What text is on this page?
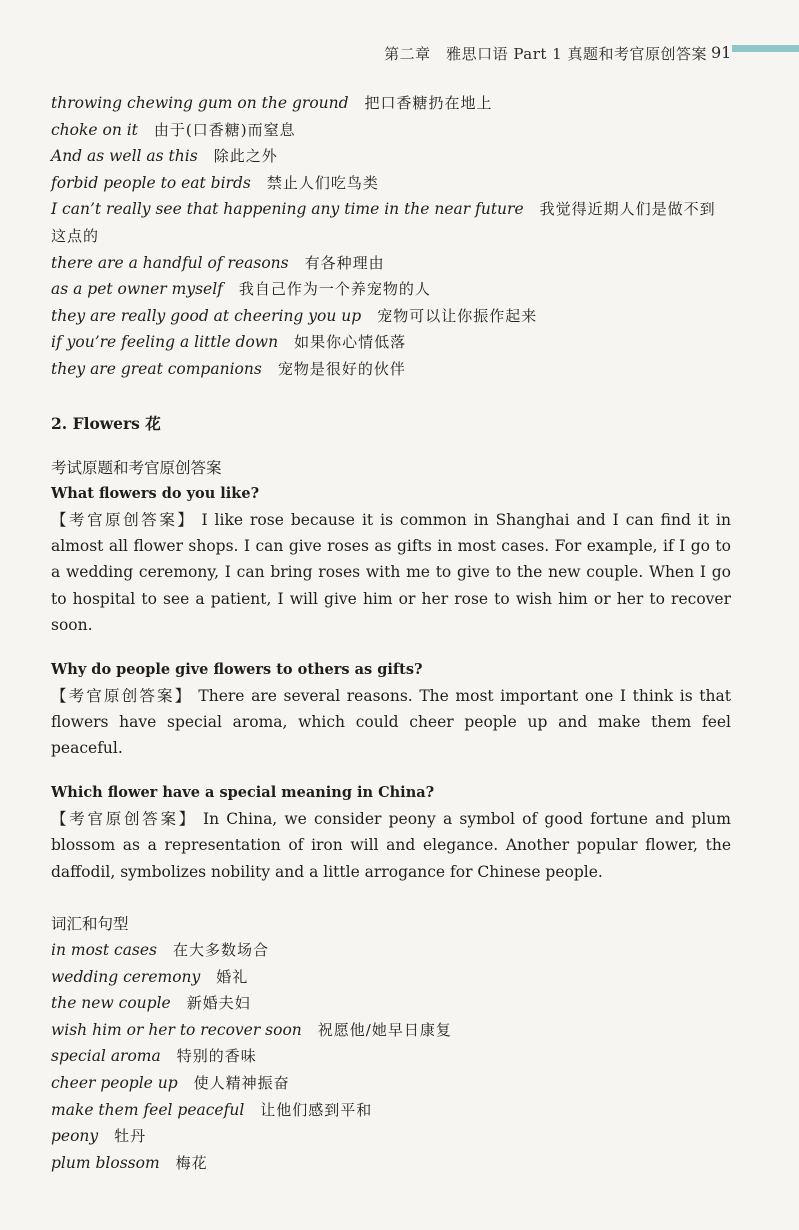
第二章　雅思口语 Part 1 真题和考官原创答案 91
throwing chewing gum on the ground 把口香糖扔在地上
choke on it 由于(口香糖)而窒息
And as well as this 除此之外
forbid people to eat birds 禁止人们吃鸟类
I can’t really see that happening any time in the near future 我觉得近期人们是做不到这点的
there are a handful of reasons 有各种理由
as a pet owner myself 我自己作为一个养宠物的人
they are really good at cheering you up 宠物可以让你振作起来
if you’re feeling a little down 如果你心情低落
they are great companions 宠物是很好的伙伴
2. Flowers 花
考试原题和考官原创答案
What flowers do you like?
【考官原创答案】 I like rose because it is common in Shanghai and I can find it in almost all flower shops. I can give roses as gifts in most cases. For example, if I go to a wedding ceremony, I can bring roses with me to give to the new couple. When I go to hospital to see a patient, I will give him or her rose to wish him or her to recover soon.
Why do people give flowers to others as gifts?
【考官原创答案】 There are several reasons. The most important one I think is that flowers have special aroma, which could cheer people up and make them feel peaceful.
Which flower have a special meaning in China?
【考官原创答案】 In China, we consider peony a symbol of good fortune and plum blossom as a representation of iron will and elegance. Another popular flower, the daffodil, symbolizes nobility and a little arrogance for Chinese people.
词汇和句型
in most cases 在大多数场合
wedding ceremony 婚礼
the new couple 新婚夫妇
wish him or her to recover soon 祝愿他/她早日康复
special aroma 特别的香味
cheer people up 使人精神振奋
make them feel peaceful 让他们感到平和
peony 牡丹
plum blossom 梅花
